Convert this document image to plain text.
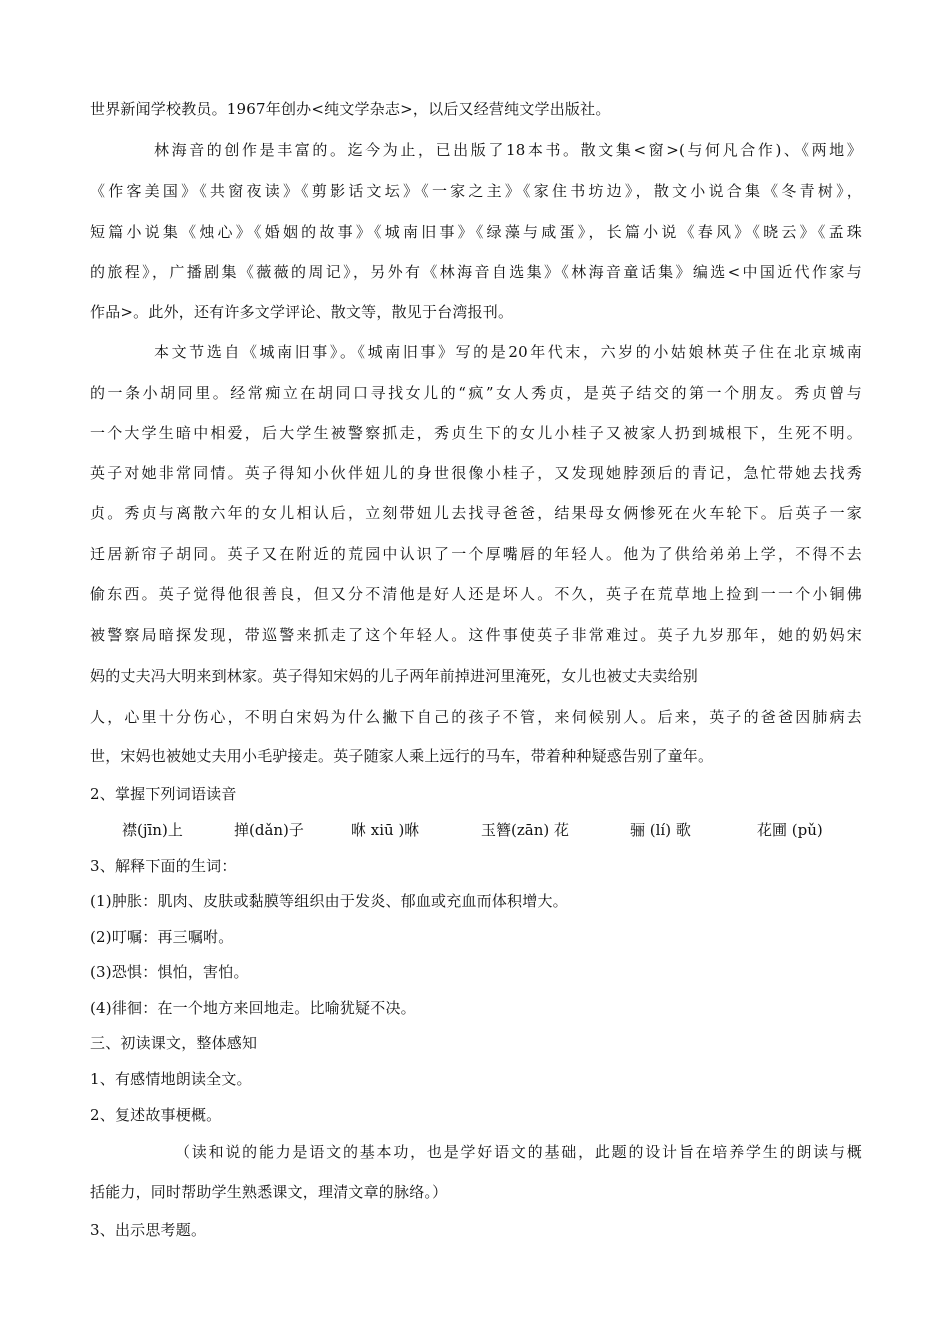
世界新闻学校教员。1967年创办<纯文学杂志>，以后又经营纯文学出版社。
林海音的创作是丰富的。迄今为止，已出版了18本书。散文集<窗>(与何凡合作)、《两地》
《作客美国》《共窗夜读》《剪影话文坛》《一家之主》《家住书坊边》，散文小说合集《冬青树》，
短篇小说集《烛心》《婚姻的故事》《城南旧事》《绿藻与咸蛋》，长篇小说《春风》《晓云》《孟珠
的旅程》，广播剧集《薇薇的周记》，另外有《林海音自选集》《林海音童话集》编选<中国近代作家与
作品>。此外，还有许多文学评论、散文等，散见于台湾报刊。
本文节选自《城南旧事》。《城南旧事》写的是20年代末，六岁的小姑娘林英子住在北京城南
的一条小胡同里。经常痴立在胡同口寻找女儿的“疯”女人秀贞，是英子结交的第一个朋友。秀贞曾与
一个大学生暗中相爱，后大学生被警察抓走，秀贞生下的女儿小桂子又被家人扔到城根下，生死不明。
英子对她非常同情。英子得知小伙伴妞儿的身世很像小桂子，又发现她脖颈后的青记，急忙带她去找秀
贞。秀贞与离散六年的女儿相认后，立刻带妞儿去找寻爸爸，结果母女俩惨死在火车轮下。后英子一家
迁居新帘子胡同。英子又在附近的荒园中认识了一个厚嘴唇的年轻人。他为了供给弟弟上学，不得不去
偷东西。英子觉得他很善良，但又分不清他是好人还是坏人。不久，英子在荒草地上捡到一一个小铜佛
被警察局暗探发现，带巡警来抓走了这个年轻人。这件事使英子非常难过。英子九岁那年，她的奶妈宋
妈的丈夫冯大明来到林家。英子得知宋妈的儿子两年前掉进河里淹死，女儿也被丈夫卖给别
人，心里十分伤心，不明白宋妈为什么撇下自己的孩子不管，来伺候别人。后来，英子的爸爸因肺病去
世，宋妈也被她丈夫用小毛驴接走。英子随家人乘上远行的马车，带着种种疑惑告别了童年。
2、掌握下列词语读音
襟(jīn)上	掸(dǎn)子	咻 xiū )咻	玉簪(zān) 花	骊 (lí) 歌	花圃 (pǔ)
3、解释下面的生词：
(1)肿胀：肌肉、皮肤或黏膜等组织由于发炎、郁血或充血而体积增大。
(2)叮嘱：再三嘱咐。
(3)恐惧：惧怕，害怕。
(4)徘徊：在一个地方来回地走。比喻犹疑不决。
三、初读课文，整体感知
1、有感情地朗读全文。
2、复述故事梗概。
（读和说的能力是语文的基本功，也是学好语文的基础，此题的设计旨在培养学生的朗读与概
括能力，同时帮助学生熟悉课文，理清文章的脉络。）
3、出示思考题。
